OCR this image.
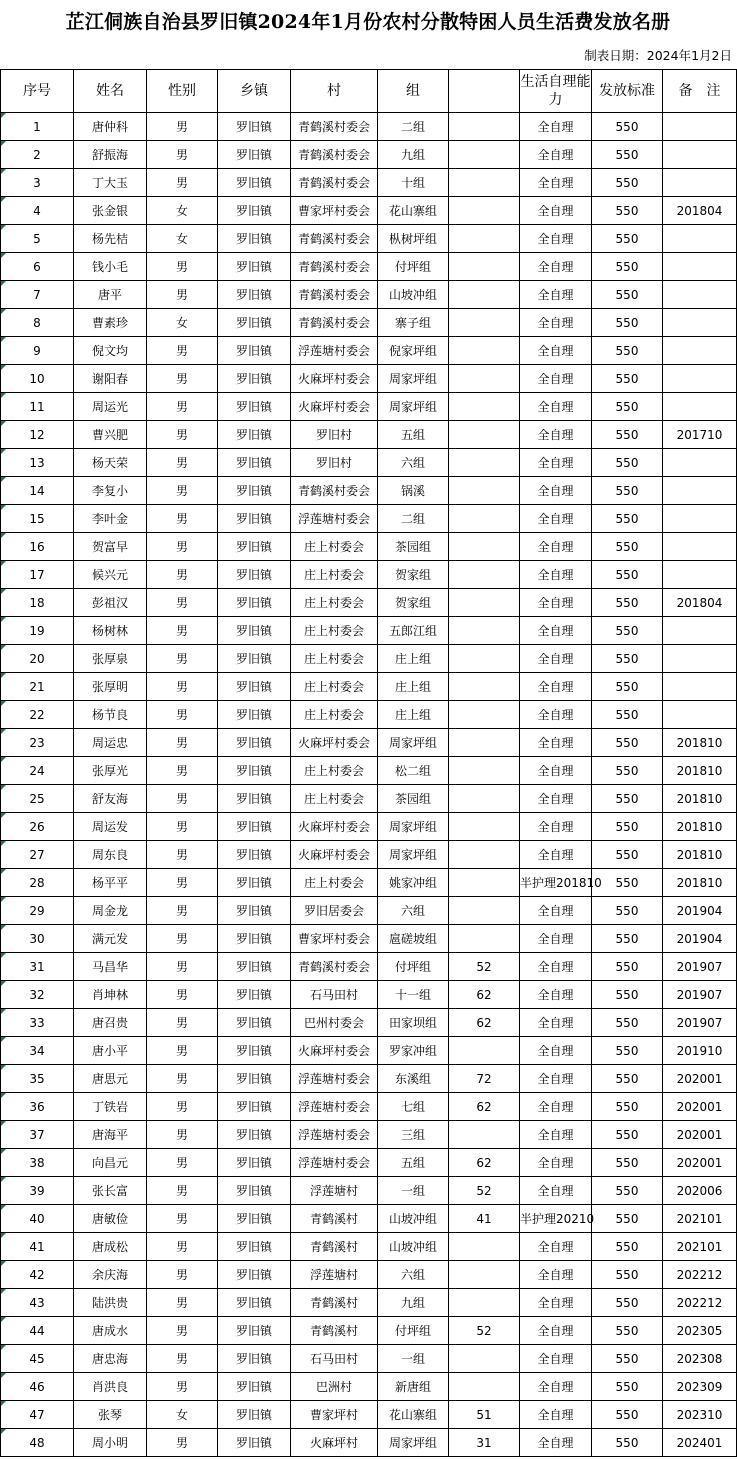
芷江侗族自治县罗旧镇2024年1月份农村分散特困人员生活费发放名册
制表日期：2024年1月2日
序号	姓名	性别	乡镇	村	组		生活自理能力	发放标准	备　注
1	唐仲科	男	罗旧镇	青鹤溪村委会	二组		全自理	550	
2	舒振海	男	罗旧镇	青鹤溪村委会	九组		全自理	550	
3	丁大玉	男	罗旧镇	青鹤溪村委会	十组		全自理	550	
4	张金银	女	罗旧镇	曹家坪村委会	花山寨组		全自理	550	201804
5	杨先桔	女	罗旧镇	青鹤溪村委会	枞树坪组		全自理	550	
6	钱小毛	男	罗旧镇	青鹤溪村委会	付坪组		全自理	550	
7	唐平	男	罗旧镇	青鹤溪村委会	山坡冲组		全自理	550	
8	曹素珍	女	罗旧镇	青鹤溪村委会	寨子组		全自理	550	
9	倪文均	男	罗旧镇	浮莲塘村委会	倪家坪组		全自理	550	
10	谢阳春	男	罗旧镇	火麻坪村委会	周家坪组		全自理	550	
11	周运光	男	罗旧镇	火麻坪村委会	周家坪组		全自理	550	
12	曹兴肥	男	罗旧镇	罗旧村	五组		全自理	550	201710
13	杨天荣	男	罗旧镇	罗旧村	六组		全自理	550	
14	李复小	男	罗旧镇	青鹤溪村委会	锅溪		全自理	550	
15	李叶金	男	罗旧镇	浮莲塘村委会	二组		全自理	550	
16	贺富早	男	罗旧镇	庄上村委会	茶园组		全自理	550	
17	候兴元	男	罗旧镇	庄上村委会	贺家组		全自理	550	
18	彭祖汉	男	罗旧镇	庄上村委会	贺家组		全自理	550	201804
19	杨树林	男	罗旧镇	庄上村委会	五郎江组		全自理	550	
20	张厚泉	男	罗旧镇	庄上村委会	庄上组		全自理	550	
21	张厚明	男	罗旧镇	庄上村委会	庄上组		全自理	550	
22	杨节良	男	罗旧镇	庄上村委会	庄上组		全自理	550	
23	周运忠	男	罗旧镇	火麻坪村委会	周家坪组		全自理	550	201810
24	张厚光	男	罗旧镇	庄上村委会	松二组		全自理	550	201810
25	舒友海	男	罗旧镇	庄上村委会	茶园组		全自理	550	201810
26	周运发	男	罗旧镇	火麻坪村委会	周家坪组		全自理	550	201810
27	周东良	男	罗旧镇	火麻坪村委会	周家坪组		全自理	550	201810
28	杨平平	男	罗旧镇	庄上村委会	姚家冲组		半护理201810	550	201810
29	周金龙	男	罗旧镇	罗旧居委会	六组		全自理	550	201904
30	满元发	男	罗旧镇	曹家坪村委会	扈磋坡组		全自理	550	201904
31	马昌华	男	罗旧镇	青鹤溪村委会	付坪组	52	全自理	550	201907
32	肖坤林	男	罗旧镇	石马田村	十一组	62	全自理	550	201907
33	唐召贵	男	罗旧镇	巴州村委会	田家坝组	62	全自理	550	201907
34	唐小平	男	罗旧镇	火麻坪村委会	罗家冲组		全自理	550	201910
35	唐思元	男	罗旧镇	浮莲塘村委会	东溪组	72	全自理	550	202001
36	丁铁岩	男	罗旧镇	浮莲塘村委会	七组	62	全自理	550	202001
37	唐海平	男	罗旧镇	浮莲塘村委会	三组		全自理	550	202001
38	向昌元	男	罗旧镇	浮莲塘村委会	五组	62	全自理	550	202001
39	张长富	男	罗旧镇	浮莲塘村	一组	52	全自理	550	202006
40	唐敏俭	男	罗旧镇	青鹤溪村	山坡冲组	41	半护理20210	550	202101
41	唐成松	男	罗旧镇	青鹤溪村	山坡冲组		全自理	550	202101
42	余庆海	男	罗旧镇	浮莲塘村	六组		全自理	550	202212
43	陆洪贵	男	罗旧镇	青鹤溪村	九组		全自理	550	202212
44	唐成水	男	罗旧镇	青鹤溪村	付坪组	52	全自理	550	202305
45	唐忠海	男	罗旧镇	石马田村	一组		全自理	550	202308
46	肖洪良	男	罗旧镇	巴洲村	新唐组		全自理	550	202309
47	张琴	女	罗旧镇	曹家坪村	花山寨组	51	全自理	550	202310
48	周小明	男	罗旧镇	火麻坪村	周家坪组	31	全自理	550	202401
